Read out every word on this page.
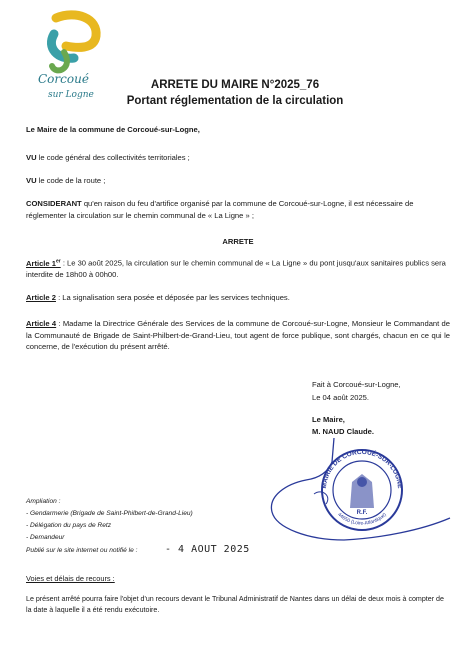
Corcoué
sur Logne
ARRETE DU MAIRE N°2025_76
Portant réglementation de la circulation

Le Maire de la commune de Corcoué-sur-Logne,

VU le code général des collectivités territoriales ;

VU le code de la route ;

CONSIDERANT qu'en raison du feu d'artifice organisé par la commune de Corcoué-sur-Logne, il est nécessaire de réglementer la circulation sur le chemin communal de « La Ligne » ;

ARRETE

Article 1er : Le 30 août 2025, la circulation sur le chemin communal de « La Ligne » du pont jusqu'aux sanitaires publics sera interdite de 18h00 à 00h00.

Article 2 : La signalisation sera posée et déposée par les services techniques.

Article 4 : Madame la Directrice Générale des Services de la commune de Corcoué-sur-Logne, Monsieur le Commandant de la Communauté de Brigade de Saint-Philbert-de-Grand-Lieu, tout agent de force publique, sont chargés, chacun en ce qui le concerne, de l'exécution du présent arrêté.

Fait à Corcoué-sur-Logne,
Le 04 août 2025.
Le Maire,
M. NAUD Claude.
R.F.
MAIRIE DE CORCOUÉ-SUR-LOGNE
44650 (Loire-Atlantique)
Ampliation :
- Gendarmerie (Brigade de Saint-Philbert-de-Grand-Lieu)
- Délégation du pays de Retz
- Demandeur
Publié sur le site internet ou notifié le :	- 4 AOUT 2025
Voies et délais de recours :
Le présent arrêté pourra faire l'objet d'un recours devant le Tribunal Administratif de Nantes dans un délai de deux mois à compter de la date à laquelle il a été rendu exécutoire.
